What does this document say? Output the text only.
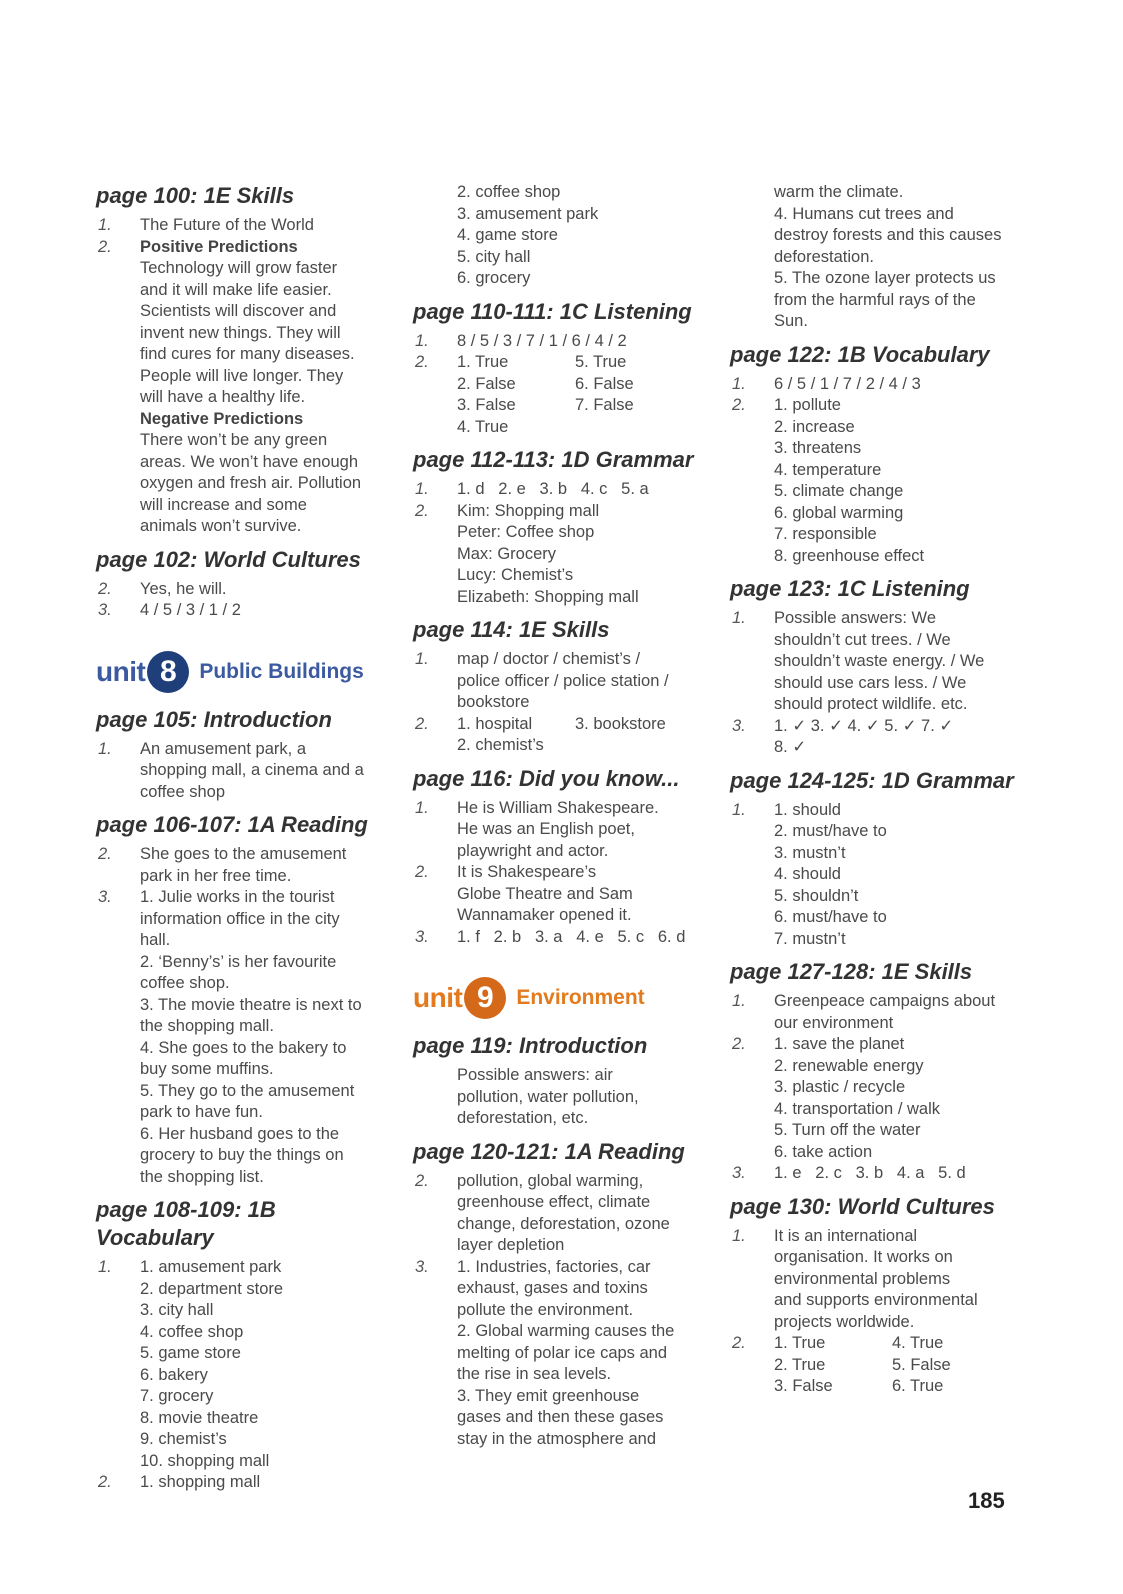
page 100: 1E Skills
1. The Future of the World
2. Positive Predictions
Technology will grow faster
and it will make life easier.
Scientists will discover and
invent new things. They will
find cures for many diseases.
People will live longer. They
will have a healthy life.
Negative Predictions
There won’t be any green
areas. We won’t have enough
oxygen and fresh air. Pollution
will increase and some
animals won’t survive.
page 102: World Cultures
2. Yes, he will.
3. 4 / 5 / 3 / 1 / 2
unit 8	Public Buildings
page 105: Introduction
1. An amusement park, a
shopping mall, a cinema and a
coffee shop
page 106-107: 1A Reading
2. She goes to the amusement
park in her free time.
3. 1. Julie works in the tourist
information office in the city
hall.
2. ‘Benny’s’ is her favourite
coffee shop.
3. The movie theatre is next to
the shopping mall.
4. She goes to the bakery to
buy some muffins.
5. They go to the amusement
park to have fun.
6. Her husband goes to the
grocery to buy the things on
the shopping list.
page 108-109: 1B Vocabulary
1. 1. amusement park
2. department store
3. city hall
4. coffee shop
5. game store
6. bakery
7. grocery
8. movie theatre
9. chemist’s
10. shopping mall
2. 1. shopping mall
2. coffee shop
3. amusement park
4. game store
5. city hall
6. grocery
page 110-111: 1C Listening
1. 8 / 5 / 3 / 7 / 1 / 6 / 4 / 2
2. 1. True
2. False
3. False
4. True
5. True
6. False
7. False
page 112-113: 1D Grammar
1. 1. d   2. e   3. b   4. c   5. a
2. Kim: Shopping mall
Peter: Coffee shop
Max: Grocery
Lucy: Chemist’s
Elizabeth: Shopping mall
page 114: 1E Skills
1. map / doctor / chemist’s /
police officer / police station /
bookstore
2. 1. hospital
2. chemist’s
3. bookstore
page 116: Did you know...
1. He is William Shakespeare.
He was an English poet,
playwright and actor.
2. It is Shakespeare’s
Globe Theatre and Sam
Wannamaker opened it.
3. 1. f   2. b   3. a   4. e   5. c   6. d
unit 9	Environment
page 119: Introduction
Possible answers: air
pollution, water pollution,
deforestation, etc.
page 120-121: 1A Reading
2. pollution, global warming,
greenhouse effect, climate
change, deforestation, ozone
layer depletion
3. 1. Industries, factories, car
exhaust, gases and toxins
pollute the environment.
2. Global warming causes the
melting of polar ice caps and
the rise in sea levels.
3. They emit greenhouse
gases and then these gases
stay in the atmosphere and
warm the climate.
4. Humans cut trees and
destroy forests and this causes
deforestation.
5. The ozone layer protects us
from the harmful rays of the
Sun.
page 122: 1B Vocabulary
1. 6 / 5 / 1 / 7 / 2 / 4 / 3
2. 1. pollute
2. increase
3. threatens
4. temperature
5. climate change
6. global warming
7. responsible
8. greenhouse effect
page 123: 1C Listening
1. Possible answers: We
shouldn’t cut trees. / We
shouldn’t waste energy. / We
should use cars less. / We
should protect wildlife. etc.
3. 1. ✓ 3. ✓ 4. ✓ 5. ✓ 7. ✓
8. ✓
page 124-125: 1D Grammar
1. 1. should
2. must/have to
3. mustn’t
4. should
5. shouldn’t
6. must/have to
7. mustn’t
page 127-128: 1E Skills
1. Greenpeace campaigns about
our environment
2. 1. save the planet
2. renewable energy
3. plastic / recycle
4. transportation / walk
5. Turn off the water
6. take action
3. 1. e   2. c   3. b   4. a   5. d
page 130: World Cultures
1. It is an international
organisation. It works on
environmental problems
and supports environmental
projects worldwide.
2. 1. True
2. True
3. False
4. True
5. False
6. True
185
